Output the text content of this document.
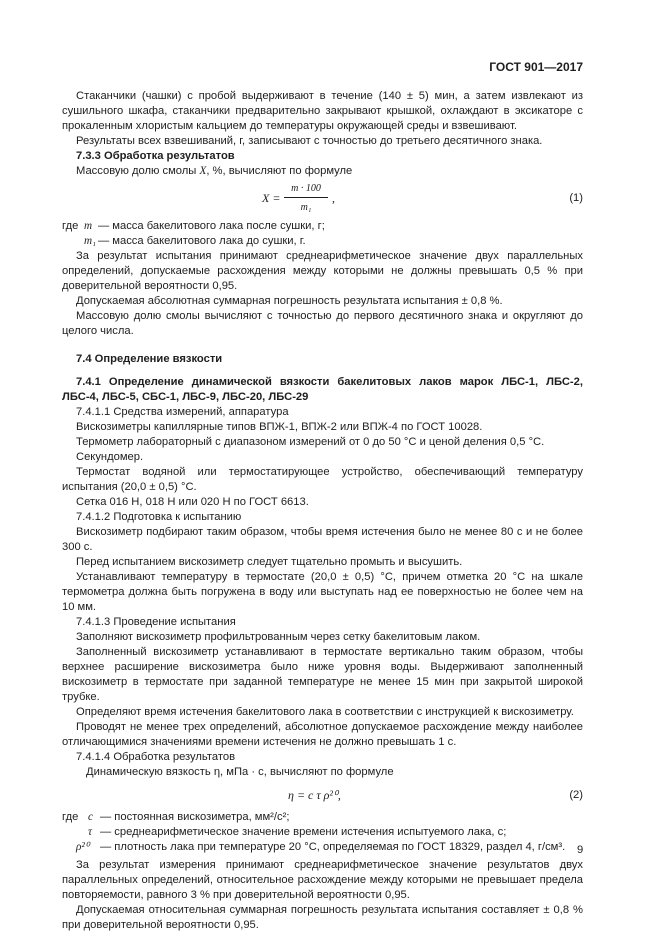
ГОСТ 901—2017

Стаканчики (чашки) с пробой выдерживают в течение (140 ± 5) мин, а затем извлекают из сушильного шкафа, стаканчики предварительно закрывают крышкой, охлаждают в эксикаторе с прокаленным хлористым кальцием до температуры окружающей среды и взвешивают.

Результаты всех взвешиваний, г, записывают с точностью до третьего десятичного знака.

7.3.3 Обработка результатов

Массовую долю смолы X, %, вычисляют по формуле

$X = \frac{m \cdot 100}{\text{m₁}}$ ,	(1)
где m — масса бакелитового лака после сушки, г;
m₁ — масса бакелитового лака до сушки, г.

За результат испытания принимают среднеарифметическое значение двух параллельных определений, допускаемые расхождения между которыми не должны превышать 0,5 % при доверительной вероятности 0,95.

Допускаемая абсолютная суммарная погрешность результата испытания ± 0,8 %.

Массовую долю смолы вычисляют с точностью до первого десятичного знака и округляют до целого числа.

7.4 Определение вязкости

7.4.1 Определение динамической вязкости бакелитовых лаков марок ЛБС-1, ЛБС-2, ЛБС-4, ЛБС-5, СБС-1, ЛБС-9, ЛБС-20, ЛБС-29

7.4.1.1 Средства измерений, аппаратура

Вискозиметры капиллярные типов ВПЖ-1, ВПЖ-2 или ВПЖ-4 по ГОСТ 10028.

Термометр лабораторный с диапазоном измерений от 0 до 50 °С и ценой деления 0,5 °С.

Секундомер.

Термостат водяной или термостатирующее устройство, обеспечивающий температуру испытания (20,0 ± 0,5) °С.

Сетка 016 Н, 018 Н или 020 Н по ГОСТ 6613.

7.4.1.2 Подготовка к испытанию

Вискозиметр подбирают таким образом, чтобы время истечения было не менее 80 с и не более 300 с.

Перед испытанием вискозиметр следует тщательно промыть и высушить.

Устанавливают температуру в термостате (20,0 ± 0,5) °С, причем отметка 20 °С на шкале термометра должна быть погружена в воду или выступать над ее поверхностью не более чем на 10 мм.

7.4.1.3 Проведение испытания

Заполняют вискозиметр профильтрованным через сетку бакелитовым лаком.

Заполненный вискозиметр устанавливают в термостате вертикально таким образом, чтобы верхнее расширение вискозиметра было ниже уровня воды. Выдерживают заполненный вискозиметр в термостате при заданной температуре не менее 15 мин при закрытой широкой трубке.

Определяют время истечения бакелитового лака в соответствии с инструкцией к вискозиметру.

Проводят не менее трех определений, абсолютное допускаемое расхождение между наиболее отличающимися значениями времени истечения не должно превышать 1 с.

7.4.1.4 Обработка результатов

Динамическую вязкость η, мПа · с, вычисляют по формуле

η = c τ ρ²⁰,	(2)
где c — постоянная вискозиметра, мм²/с²;
τ — среднеарифметическое значение времени истечения испытуемого лака, с;
ρ²⁰ — плотность лака при температуре 20 °С, определяемая по ГОСТ 18329, раздел 4, г/см³.

За результат измерения принимают среднеарифметическое значение результатов двух параллельных определений, относительное расхождение между которыми не превышает предела повторяемости, равного 3 % при доверительной вероятности 0,95.

Допускаемая относительная суммарная погрешность результата испытания составляет ± 0,8 % при доверительной вероятности 0,95.

9
